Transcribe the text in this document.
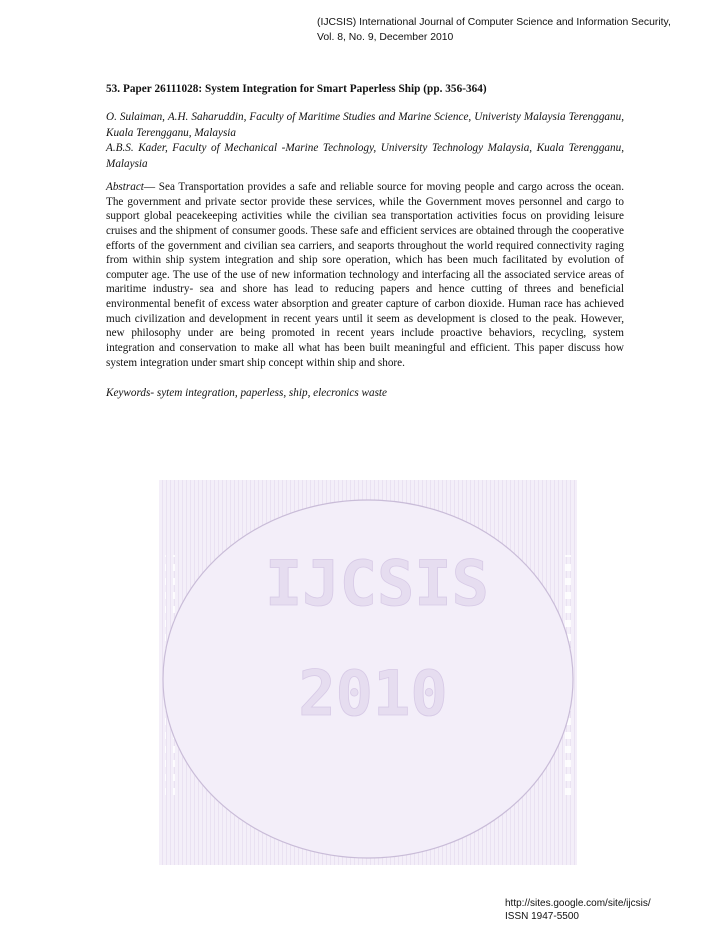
(IJCSIS) International Journal of Computer Science and Information Security,
Vol. 8, No. 9, December 2010
53. Paper 26111028: System Integration for Smart Paperless Ship (pp. 356-364)

O. Sulaiman, A.H. Saharuddin, Faculty of Maritime Studies and Marine Science, Univeristy Malaysia Terengganu, Kuala Terengganu, Malaysia

A.B.S. Kader, Faculty of Mechanical -Marine Technology, University Technology Malaysia, Kuala Terengganu, Malaysia

Abstract— Sea Transportation provides a safe and reliable source for moving people and cargo across the ocean. The government and private sector provide these services, while the Government moves personnel and cargo to support global peacekeeping activities while the civilian sea transportation activities focus on providing leisure cruises and the shipment of consumer goods. These safe and efficient services are obtained through the cooperative efforts of the government and civilian sea carriers, and seaports throughout the world required connectivity raging from within ship system integration and ship sore operation, which has been much facilitated by evolution of computer age. The use of the use of new information technology and interfacing all the associated service areas of maritime industry- sea and shore has lead to reducing papers and hence cutting of threes and beneficial environmental benefit of excess water absorption and greater capture of carbon dioxide. Human race has achieved much civilization and development in recent years until it seem as development is closed to the peak. However, new philosophy under are being promoted in recent years include proactive behaviors, recycling, system integration and conservation to make all what has been built meaningful and efficient. This paper discuss how system integration under smart ship concept within ship and shore.
Keywords- sytem integration, paperless, ship, elecronics waste
IJCSIS
2010
http://sites.google.com/site/ijcsis/
ISSN 1947-5500
